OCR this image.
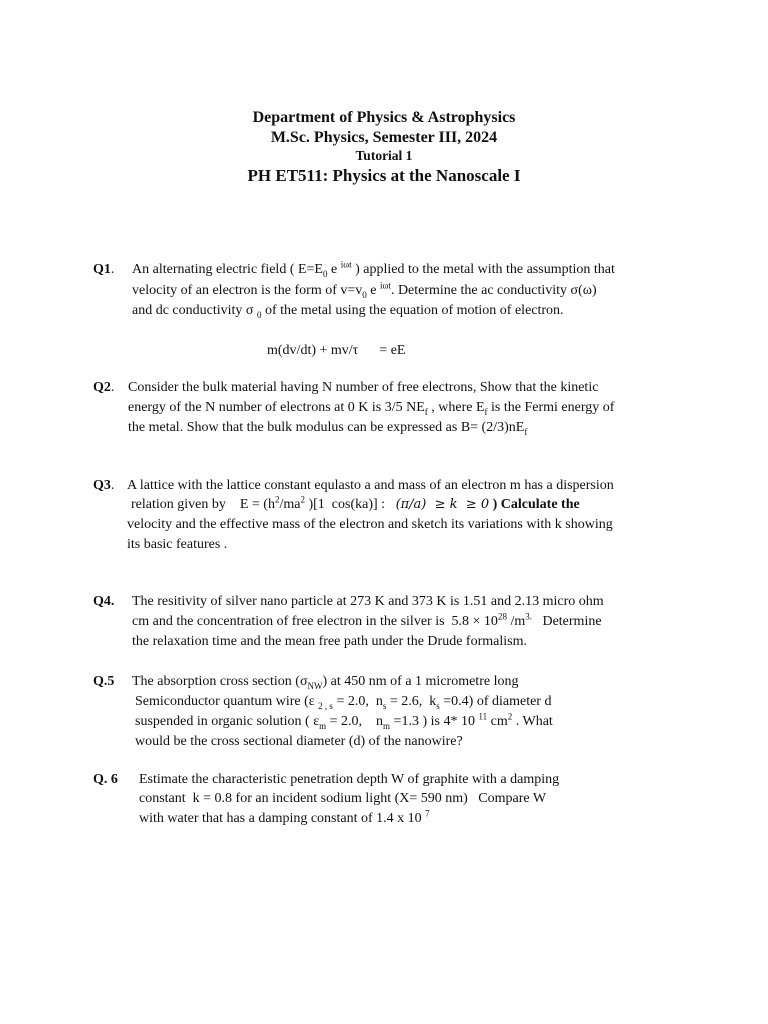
Department of Physics & Astrophysics
M.Sc. Physics, Semester III, 2024
Tutorial 1
PH ET511: Physics at the Nanoscale I
Q1. An alternating electric field ( $E=E_0$ e $^{i\omega t}$ ) applied to the metal with the assumption that
velocity of an electron is the form of $v=v_0$ e $^{i\omega t}$. Determine the ac conductivity σ(ω)
and dc conductivity σ $_0$ of the metal using the equation of motion of electron.
m(dv/dt) + mv/τ      = eE
Q2. Consider the bulk material having N number of free electrons, Show that the kinetic
energy of the N number of electrons at 0 K is 3/5 $NE_f$ , where $E_f$ is the Fermi energy of
the metal. Show that the bulk modulus can be expressed as $B= (2/3)nE_f$
Q3. A lattice with the lattice constant equlasto a and mass of an electron m has a dispersion
relation given by    $E = (h^2/ma^2$ )[1  cos(ka)] :   (π/a)  ≥ k  ≥ 0 ) Calculate the
velocity and the effective mass of the electron and sketch its variations with k showing
its basic features .
Q4. The resitivity of silver nano particle at 273 K and 373 K is 1.51 and 2.13 micro ohm
cm and the concentration of free electron in the silver is  $5.8 \times 10^{28}$ $/m^{3.}$   Determine
the relaxation time and the mean free path under the Drude formalism.
Q.5 The absorption cross section $(\sigma_{NW})$ at 450 nm of a 1 micrometre long
Semiconductor quantum wire (ε $_{2 , s}$ = 2.0,  $n_s = 2.6$,  $k_s =0.4$) of diameter d
suspended in organic solution ( $\varepsilon_m = 2.0$,    $n_m =1.3$ ) is 4* 10 $^{11}$ $cm^2$ . What
would be the cross sectional diameter (d) of the nanowire?
Q. 6 Estimate the characteristic penetration depth W of graphite with a damping
constant  k = 0.8 for an incident sodium light (X= 590 nm)   Compare W
with water that has a damping constant of 1.4 x 10 $^7$
